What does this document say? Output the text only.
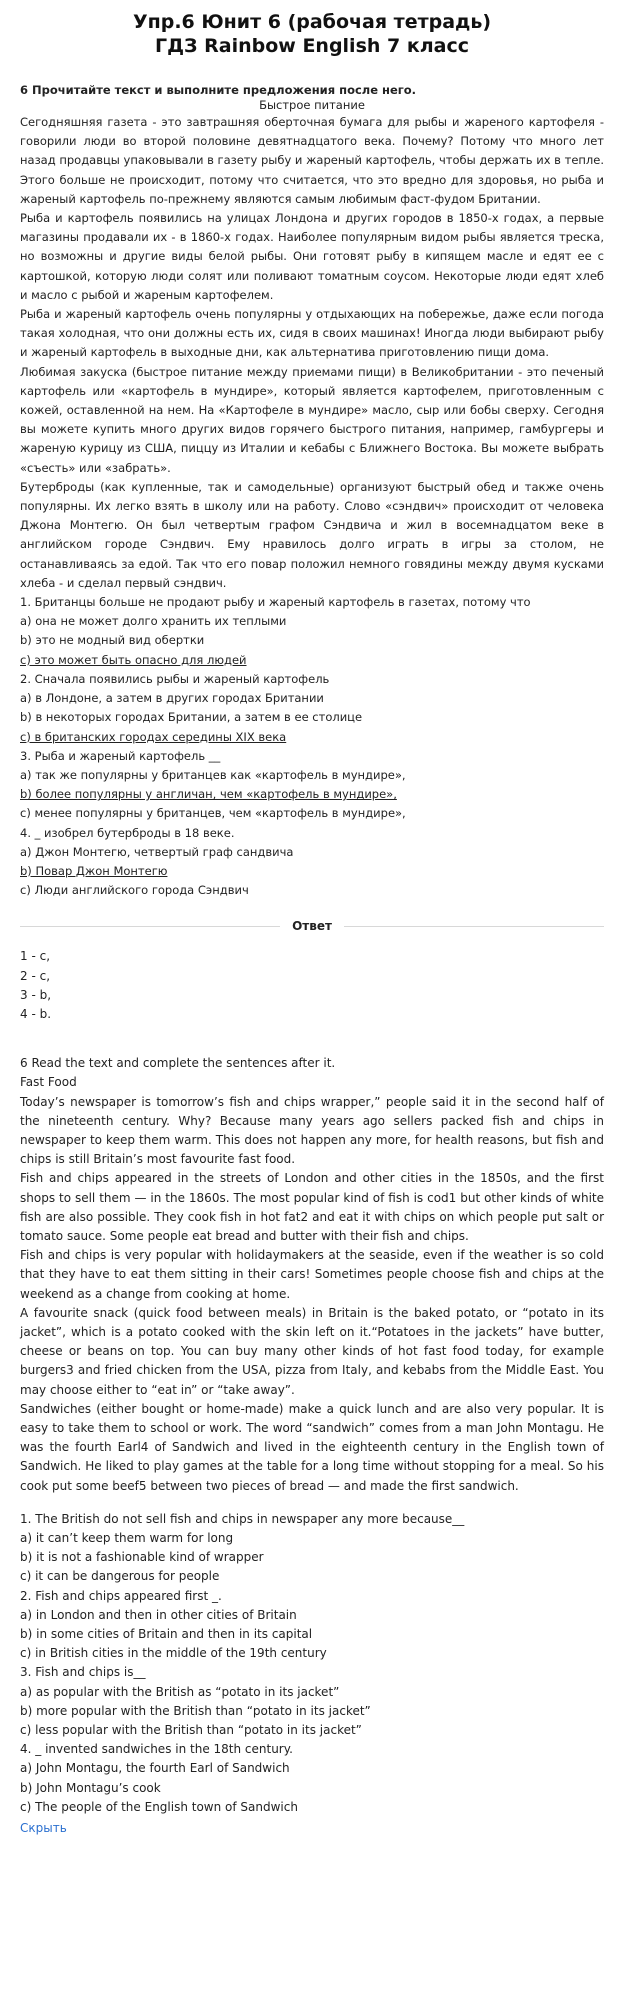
Упр.6 Юнит 6 (рабочая тетрадь)
ГДЗ Rainbow English 7 класс

6 Прочитайте текст и выполните предложения после него.

Быстрое питание

Сегодняшняя газета - это завтрашняя оберточная бумага для рыбы и жареного картофеля - говорили люди во второй половине девятнадцатого века. Почему? Потому что много лет назад продавцы упаковывали в газету рыбу и жареный картофель, чтобы держать их в тепле. Этого больше не происходит, потому что считается, что это вредно для здоровья, но рыба и жареный картофель по-прежнему являются самым любимым фаст-фудом Британии.

Рыба и картофель появились на улицах Лондона и других городов в 1850-х годах, а первые магазины продавали их - в 1860-х годах. Наиболее популярным видом рыбы является треска, но возможны и другие виды белой рыбы. Они готовят рыбу в кипящем масле и едят ее с картошкой, которую люди солят или поливают томатным соусом. Некоторые люди едят хлеб и масло с рыбой и жареным картофелем.

Рыба и жареный картофель очень популярны у отдыхающих на побережье, даже если погода такая холодная, что они должны есть их, сидя в своих машинах! Иногда люди выбирают рыбу и жареный картофель в выходные дни, как альтернатива приготовлению пищи дома.

Любимая закуска (быстрое питание между приемами пищи) в Великобритании - это печеный картофель или «картофель в мундире», который является картофелем, приготовленным с кожей, оставленной на нем. На «Картофеле в мундире» масло, сыр или бобы сверху. Сегодня вы можете купить много других видов горячего быстрого питания, например, гамбургеры и жареную курицу из США, пиццу из Италии и кебабы с Ближнего Востока. Вы можете выбрать «съесть» или «забрать».

Бутерброды (как купленные, так и самодельные) организуют быстрый обед и также очень популярны. Их легко взять в школу или на работу. Слово «сэндвич» происходит от человека Джона Монтегю. Он был четвертым графом Сэндвича и жил в восемнадцатом веке в английском городе Сэндвич. Ему нравилось долго играть в игры за столом, не останавливаясь за едой. Так что его повар положил немного говядины между двумя кусками хлеба - и сделал первый сэндвич.

1. Британцы больше не продают рыбу и жареный картофель в газетах, потому что

a) она не может долго хранить их теплыми

b) это не модный вид обертки

c) это может быть опасно для людей

2. Сначала появились рыбы и жареный картофель

a) в Лондоне, а затем в других городах Британии

b) в некоторых городах Британии, а затем в ее столице

c) в британских городах середины XIX века

3. Рыба и жареный картофель __

a) так же популярны у британцев как «картофель в мундире»,

b) более популярны у англичан, чем «картофель в мундире»,

c) менее популярны у британцев, чем «картофель в мундире»,

4. _ изобрел бутерброды в 18 веке.

a) Джон Монтегю, четвертый граф сандвича

b) Повар Джон Монтегю

c) Люди английского города Сэндвич

Ответ

1 - c,

2 - c,

3 - b,

4 - b.

6 Read the text and complete the sentences after it.

Fast Food

Today’s newspaper is tomorrow’s fish and chips wrapper,” people said it in the second half of the nineteenth century. Why? Because many years ago sellers packed fish and chips in newspaper to keep them warm. This does not happen any more, for health reasons, but fish and chips is still Britain’s most favourite fast food.

Fish and chips appeared in the streets of London and other cities in the 1850s, and the first shops to sell them — in the 1860s. The most popular kind of fish is cod1 but other kinds of white fish are also possible. They cook fish in hot fat2 and eat it with chips on which people put salt or tomato sauce. Some people eat bread and butter with their fish and chips.

Fish and chips is very popular with holidaymakers at the seaside, even if the weather is so cold that they have to eat them sitting in their cars! Sometimes people choose fish and chips at the weekend as a change from cooking at home.

A favourite snack (quick food between meals) in Britain is the baked potato, or “potato in its jacket”, which is a potato cooked with the skin left on it.“Potatoes in the jackets” have butter, cheese or beans on top. You can buy many other kinds of hot fast food today, for example burgers3 and fried chicken from the USA, pizza from Italy, and kebabs from the Middle East. You may choose either to “eat in” or “take away”.

Sandwiches (either bought or home-made) make a quick lunch and are also very popular. It is easy to take them to school or work. The word “sandwich” comes from a man John Montagu. He was the fourth Earl4 of Sandwich and lived in the eighteenth century in the English town of Sandwich. He liked to play games at the table for a long time without stopping for a meal. So his cook put some beef5 between two pieces of bread — and made the first sandwich.

1. The British do not sell fish and chips in newspaper any more because__

a) it can’t keep them warm for long

b) it is not a fashionable kind of wrapper

c) it can be dangerous for people

2. Fish and chips appeared first _.

a) in London and then in other cities of Britain

b) in some cities of Britain and then in its capital

c) in British cities in the middle of the 19th century

3. Fish and chips is__

a) as popular with the British as “potato in its jacket”

b) more popular with the British than “potato in its jacket”

c) less popular with the British than “potato in its jacket”

4. _ invented sandwiches in the 18th century.

a) John Montagu, the fourth Earl of Sandwich

b) John Montagu’s cook

c) The people of the English town of Sandwich

Скрыть
